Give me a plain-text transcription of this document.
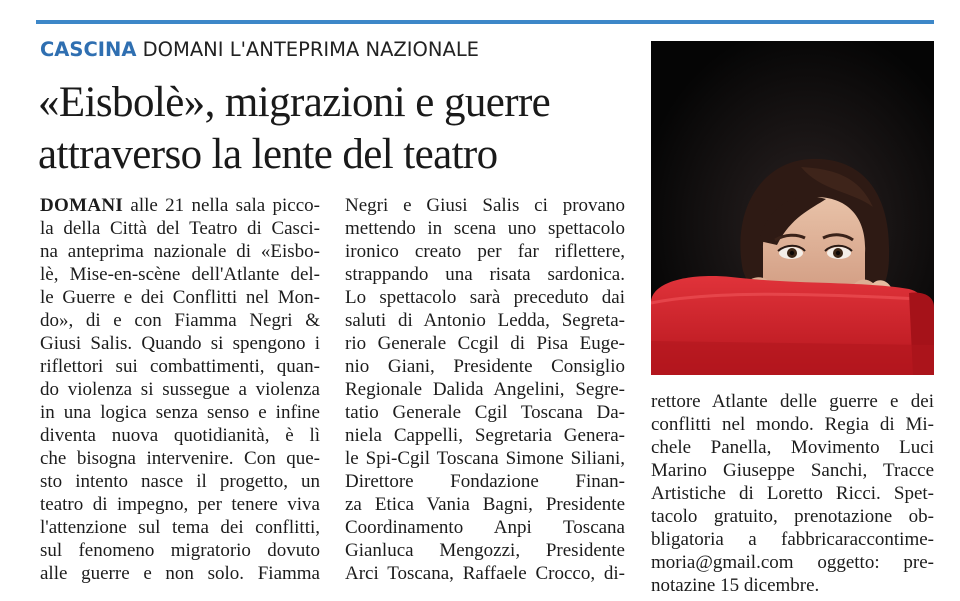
CASCINA DOMANI L'ANTEPRIMA NAZIONALE
«Eisbolè», migrazioni e guerre
attraverso la lente del teatro
DOMANI alle 21 nella sala picco-
la della Città del Teatro di Casci-
na anteprima nazionale di «Eisbo-
lè, Mise-en-scène dell'Atlante del-
le Guerre e dei Conflitti nel Mon-
do», di e con Fiamma Negri &
Giusi Salis. Quando si spengono i
riflettori sui combattimenti, quan-
do violenza si sussegue a violenza
in una logica senza senso e infine
diventa nuova quotidianità, è lì
che bisogna intervenire. Con que-
sto intento nasce il progetto, un
teatro di impegno, per tenere viva
l'attenzione sul tema dei conflitti,
sul fenomeno migratorio dovuto
alle guerre e non solo. Fiamma
Negri e Giusi Salis ci provano
mettendo in scena uno spettacolo
ironico creato per far riflettere,
strappando una risata sardonica.
Lo spettacolo sarà preceduto dai
saluti di Antonio Ledda, Segreta-
rio Generale Ccgil di Pisa Euge-
nio Giani, Presidente Consiglio
Regionale Dalida Angelini, Segre-
tatio Generale Cgil Toscana Da-
niela Cappelli, Segretaria Genera-
le Spi-Cgil Toscana Simone Siliani,
Direttore Fondazione Finan-
za Etica Vania Bagni, Presidente
Coordinamento Anpi Toscana
Gianluca Mengozzi, Presidente
Arci Toscana, Raffaele Crocco, di-
rettore Atlante delle guerre e dei
conflitti nel mondo. Regia di Mi-
chele Panella, Movimento Luci
Marino Giuseppe Sanchi, Tracce
Artistiche di Loretto Ricci. Spet-
tacolo gratuito, prenotazione ob-
bligatoria a fabbricaraccontime-
moria@gmail.com oggetto: pre-
notazine 15 dicembre.
